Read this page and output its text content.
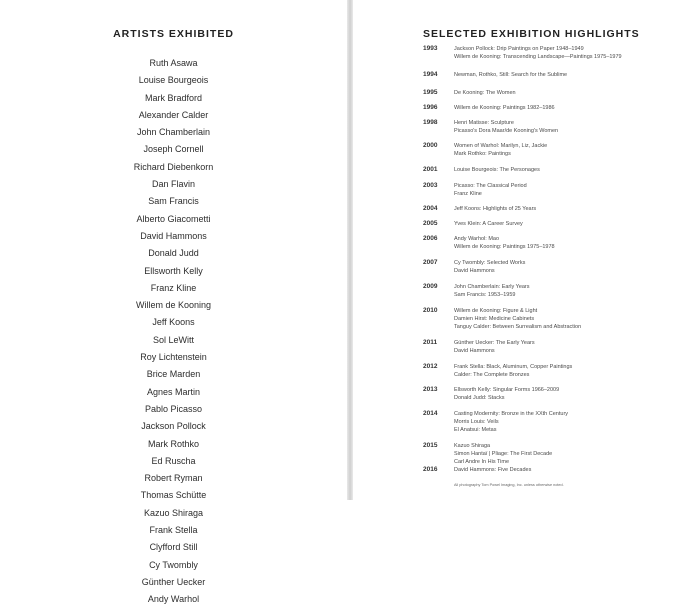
ARTISTS EXHIBITED
Ruth Asawa
Louise Bourgeois
Mark Bradford
Alexander Calder
John Chamberlain
Joseph Cornell
Richard Diebenkorn
Dan Flavin
Sam Francis
Alberto Giacometti
David Hammons
Donald Judd
Ellsworth Kelly
Franz Kline
Willem de Kooning
Jeff Koons
Sol LeWitt
Roy Lichtenstein
Brice Marden
Agnes Martin
Pablo Picasso
Jackson Pollock
Mark Rothko
Ed Ruscha
Robert Ryman
Thomas Schütte
Kazuo Shiraga
Frank Stella
Clyfford Still
Cy Twombly
Günther Uecker
Andy Warhol
SELECTED EXHIBITION HIGHLIGHTS
1993	Jackson Pollock: Drip Paintings on Paper 1948–1949
Willem de Kooning: Transcending Landscape—Paintings 1975–1979
1994	Newman, Rothko, Still: Search for the Sublime
1995	De Kooning: The Women
1996	Willem de Kooning: Paintings 1982–1986
1998	Henri Matisse: Sculpture
Picasso's Dora Maar/de Kooning's Women
2000	Women of Warhol: Marilyn, Liz, Jackie
Mark Rothko: Paintings
2001	Louise Bourgeois: The Personages
2003	Picasso: The Classical Period
Franz Kline
2004	Jeff Koons: Highlights of 25 Years
2005	Yves Klein: A Career Survey
2006	Andy Warhol: Mao
Willem de Kooning: Paintings 1975–1978
2007	Cy Twombly: Selected Works
David Hammons
2009	John Chamberlain: Early Years
Sam Francis: 1953–1959
2010	Willem de Kooning: Figure & Light
Damien Hirst: Medicine Cabinets
Tanguy Calder: Between Surrealism and Abstraction
2011	Günther Uecker: The Early Years
David Hammons
2012	Frank Stella: Black, Aluminum, Copper Paintings
Calder: The Complete Bronzes
2013	Ellsworth Kelly: Singular Forms 1966–2009
Donald Judd: Stacks
2014	Casting Modernity: Bronze in the XXth Century
Morris Louis: Veils
El Anatsui: Metas
2015	Kazuo Shiraga
Simon Hantaï | Pliage: The First Decade
Carl Andre In His Time
2016	David Hammons: Five Decades
All photography Tom Powel Imaging, Inc. unless otherwise noted.
